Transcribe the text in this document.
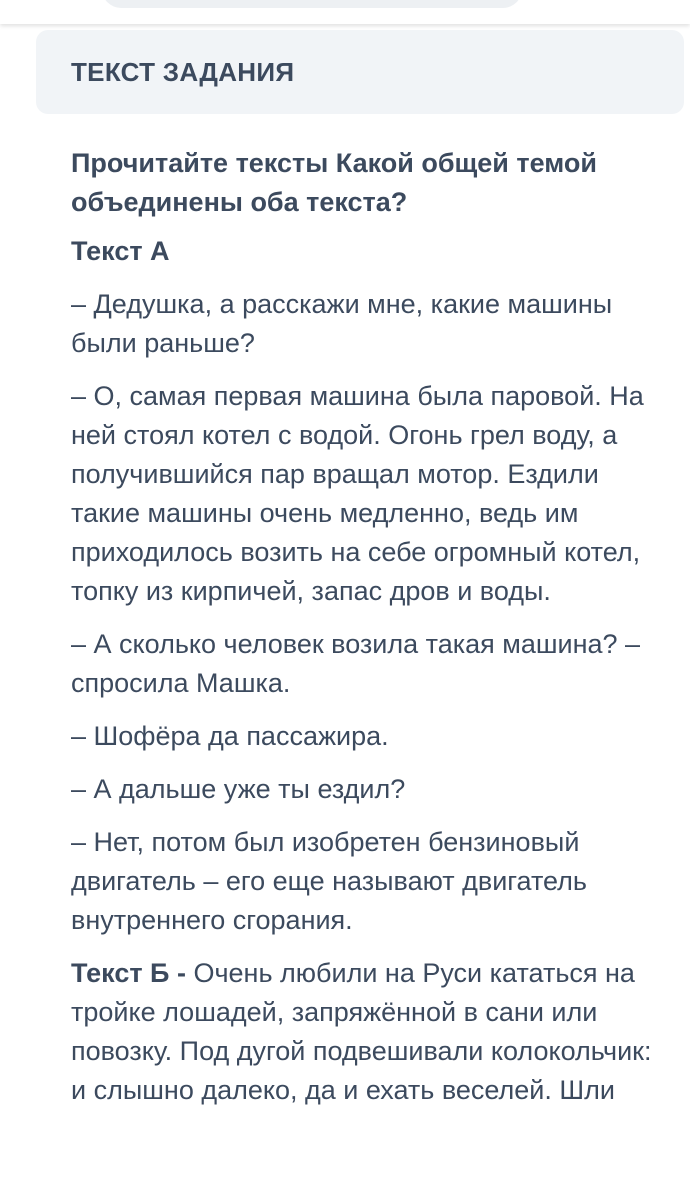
ТЕКСТ ЗАДАНИЯ

Прочитайте тексты Какой общей темой объединены оба текста?

Текст А

– Дедушка, а расскажи мне, какие машины были раньше?

– О, самая первая машина была паровой. На ней стоял котел с водой. Огонь грел воду, а получившийся пар вращал мотор. Ездили такие машины очень медленно, ведь им приходилось возить на себе огромный котел, топку из кирпичей, запас дров и воды.

– А сколько человек возила такая машина? – спросила Машка.

– Шофёра да пассажира.

– А дальше уже ты ездил?

– Нет, потом был изобретен бензиновый двигатель – его еще называют двигатель внутреннего сгорания.

Текст Б - Очень любили на Руси кататься на тройке лошадей, запряжённой в сани или повозку. Под дугой подвешивали колокольчик: и слышно далеко, да и ехать веселей. Шли
